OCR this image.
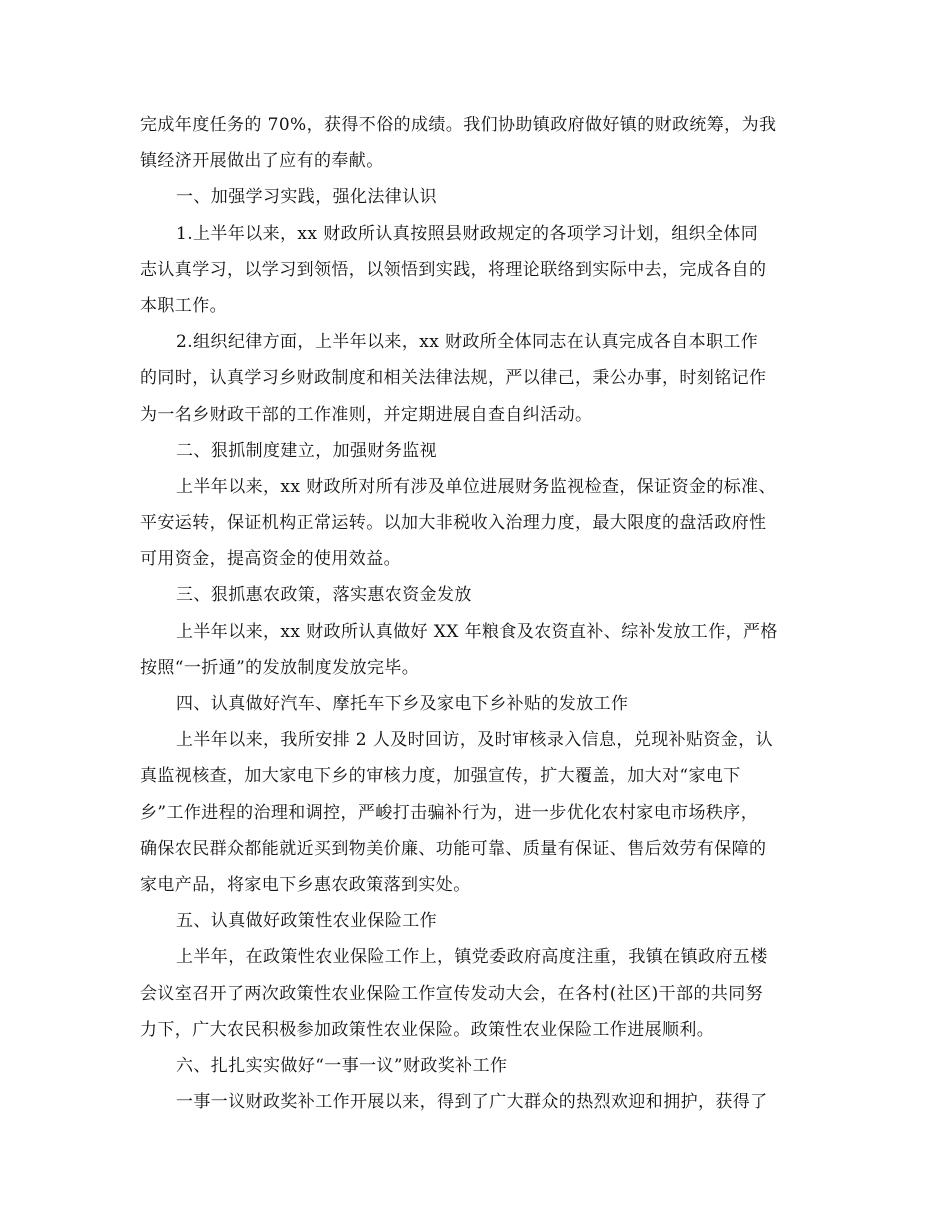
完成年度任务的 70%，获得不俗的成绩。我们协助镇政府做好镇的财政统筹，为我
镇经济开展做出了应有的奉献。
一、加强学习实践，强化法律认识
1.上半年以来，xx 财政所认真按照县财政规定的各项学习计划，组织全体同
志认真学习，以学习到领悟，以领悟到实践，将理论联络到实际中去，完成各自的
本职工作。
2.组织纪律方面，上半年以来，xx 财政所全体同志在认真完成各自本职工作
的同时，认真学习乡财政制度和相关法律法规，严以律己，秉公办事，时刻铭记作
为一名乡财政干部的工作准则，并定期进展自查自纠活动。
二、狠抓制度建立，加强财务监视
上半年以来，xx 财政所对所有涉及单位进展财务监视检查，保证资金的标准、
平安运转，保证机构正常运转。以加大非税收入治理力度，最大限度的盘活政府性
可用资金，提高资金的使用效益。
三、狠抓惠农政策，落实惠农资金发放
上半年以来，xx 财政所认真做好 XX 年粮食及农资直补、综补发放工作，严格
按照“一折通”的发放制度发放完毕。
四、认真做好汽车、摩托车下乡及家电下乡补贴的发放工作
上半年以来，我所安排 2 人及时回访，及时审核录入信息，兑现补贴资金，认
真监视核查，加大家电下乡的审核力度，加强宣传，扩大覆盖，加大对“家电下
乡”工作进程的治理和调控，严峻打击骗补行为，进一步优化农村家电市场秩序，
确保农民群众都能就近买到物美价廉、功能可靠、质量有保证、售后效劳有保障的
家电产品，将家电下乡惠农政策落到实处。
五、认真做好政策性农业保险工作
上半年，在政策性农业保险工作上，镇党委政府高度注重，我镇在镇政府五楼
会议室召开了两次政策性农业保险工作宣传发动大会，在各村(社区)干部的共同努
力下，广大农民积极参加政策性农业保险。政策性农业保险工作进展顺利。
六、扎扎实实做好“一事一议”财政奖补工作
一事一议财政奖补工作开展以来，得到了广大群众的热烈欢迎和拥护，获得了
